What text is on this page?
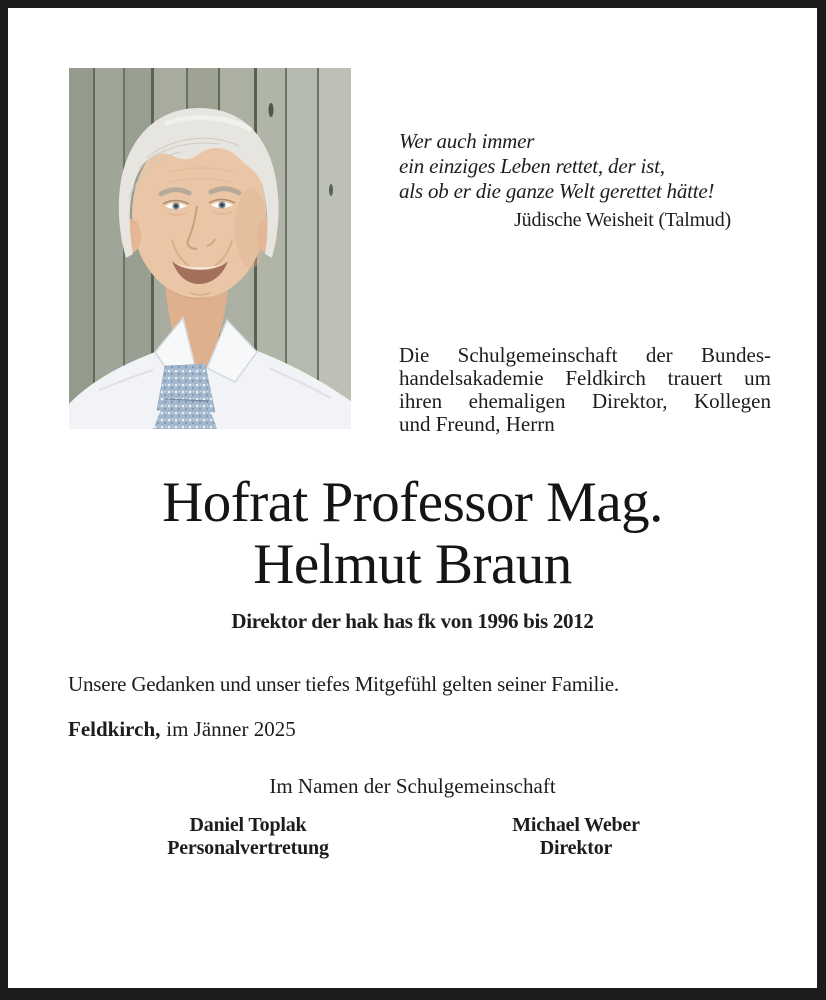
Wer auch immer
ein einziges Leben rettet, der ist,
als ob er die ganze Welt gerettet hätte!
Jüdische Weisheit (Talmud)
Die Schulgemeinschaft der Bundes-
handelsakademie Feldkirch trauert um
ihren ehemaligen Direktor, Kollegen
und Freund, Herrn
Hofrat Professor Mag.
Helmut Braun
Direktor der hak has fk von 1996 bis 2012
Unsere Gedanken und unser tiefes Mitgefühl gelten seiner Familie.
Feldkirch, im Jänner 2025
Im Namen der Schulgemeinschaft
Daniel Toplak
Personalvertretung
Michael Weber
Direktor
